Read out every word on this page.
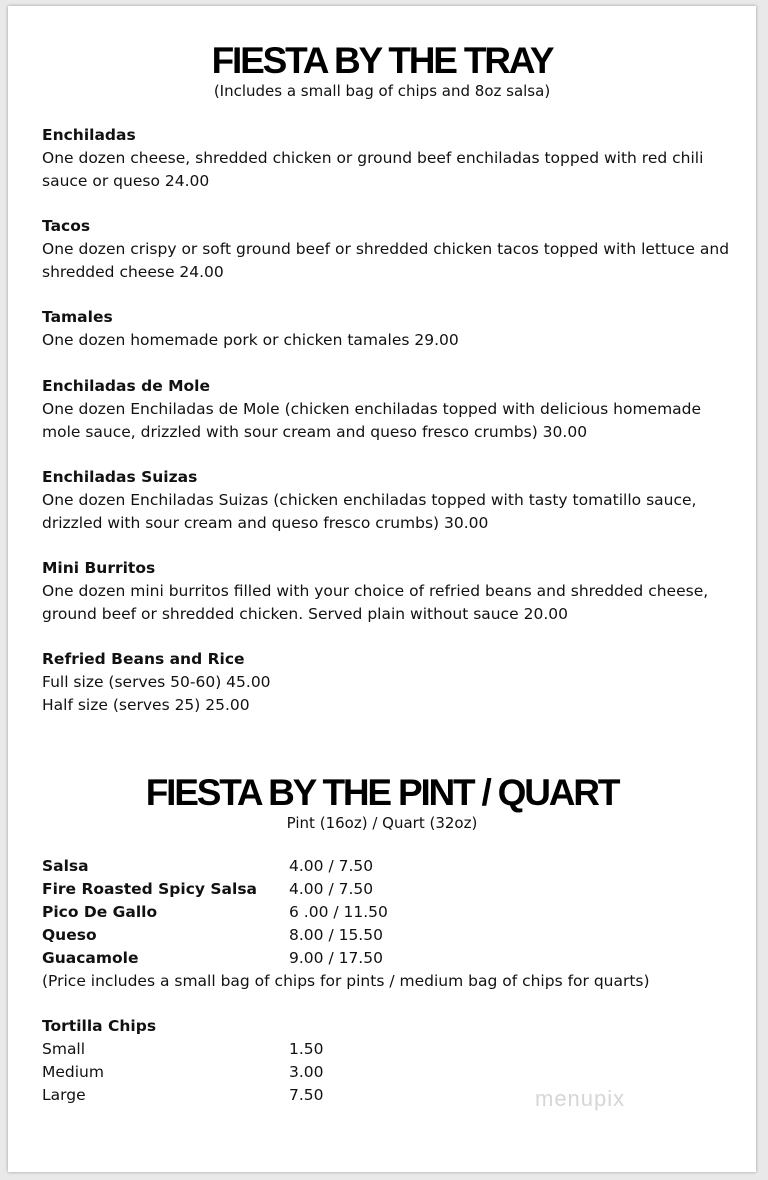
FIESTA BY THE TRAY
(Includes a small bag of chips and 8oz salsa)
Enchiladas
One dozen cheese, shredded chicken or ground beef enchiladas topped with red chili sauce or queso 24.00
Tacos
One dozen crispy or soft ground beef or shredded chicken tacos topped with lettuce and shredded cheese 24.00
Tamales
One dozen homemade pork or chicken tamales 29.00
Enchiladas de Mole
One dozen Enchiladas de Mole (chicken enchiladas topped with delicious homemade mole sauce, drizzled with sour cream and queso fresco crumbs) 30.00
Enchiladas Suizas
One dozen Enchiladas Suizas (chicken enchiladas topped with tasty tomatillo sauce, drizzled with sour cream and queso fresco crumbs) 30.00
Mini Burritos
One dozen mini burritos filled with your choice of refried beans and shredded cheese, ground beef or shredded chicken. Served plain without sauce 20.00
Refried Beans and Rice
Full size (serves 50-60) 45.00
Half size (serves 25) 25.00
FIESTA BY THE PINT / QUART
Pint (16oz) / Quart (32oz)
Salsa	4.00 / 7.50
Fire Roasted Spicy Salsa 4.00 / 7.50
Pico De Gallo	6 .00 / 11.50
Queso	8.00 / 15.50
Guacamole	9.00 / 17.50
(Price includes a small bag of chips for pints / medium bag of chips for quarts)
Tortilla Chips
Small	1.50
Medium	3.00
Large	7.50	menupix
